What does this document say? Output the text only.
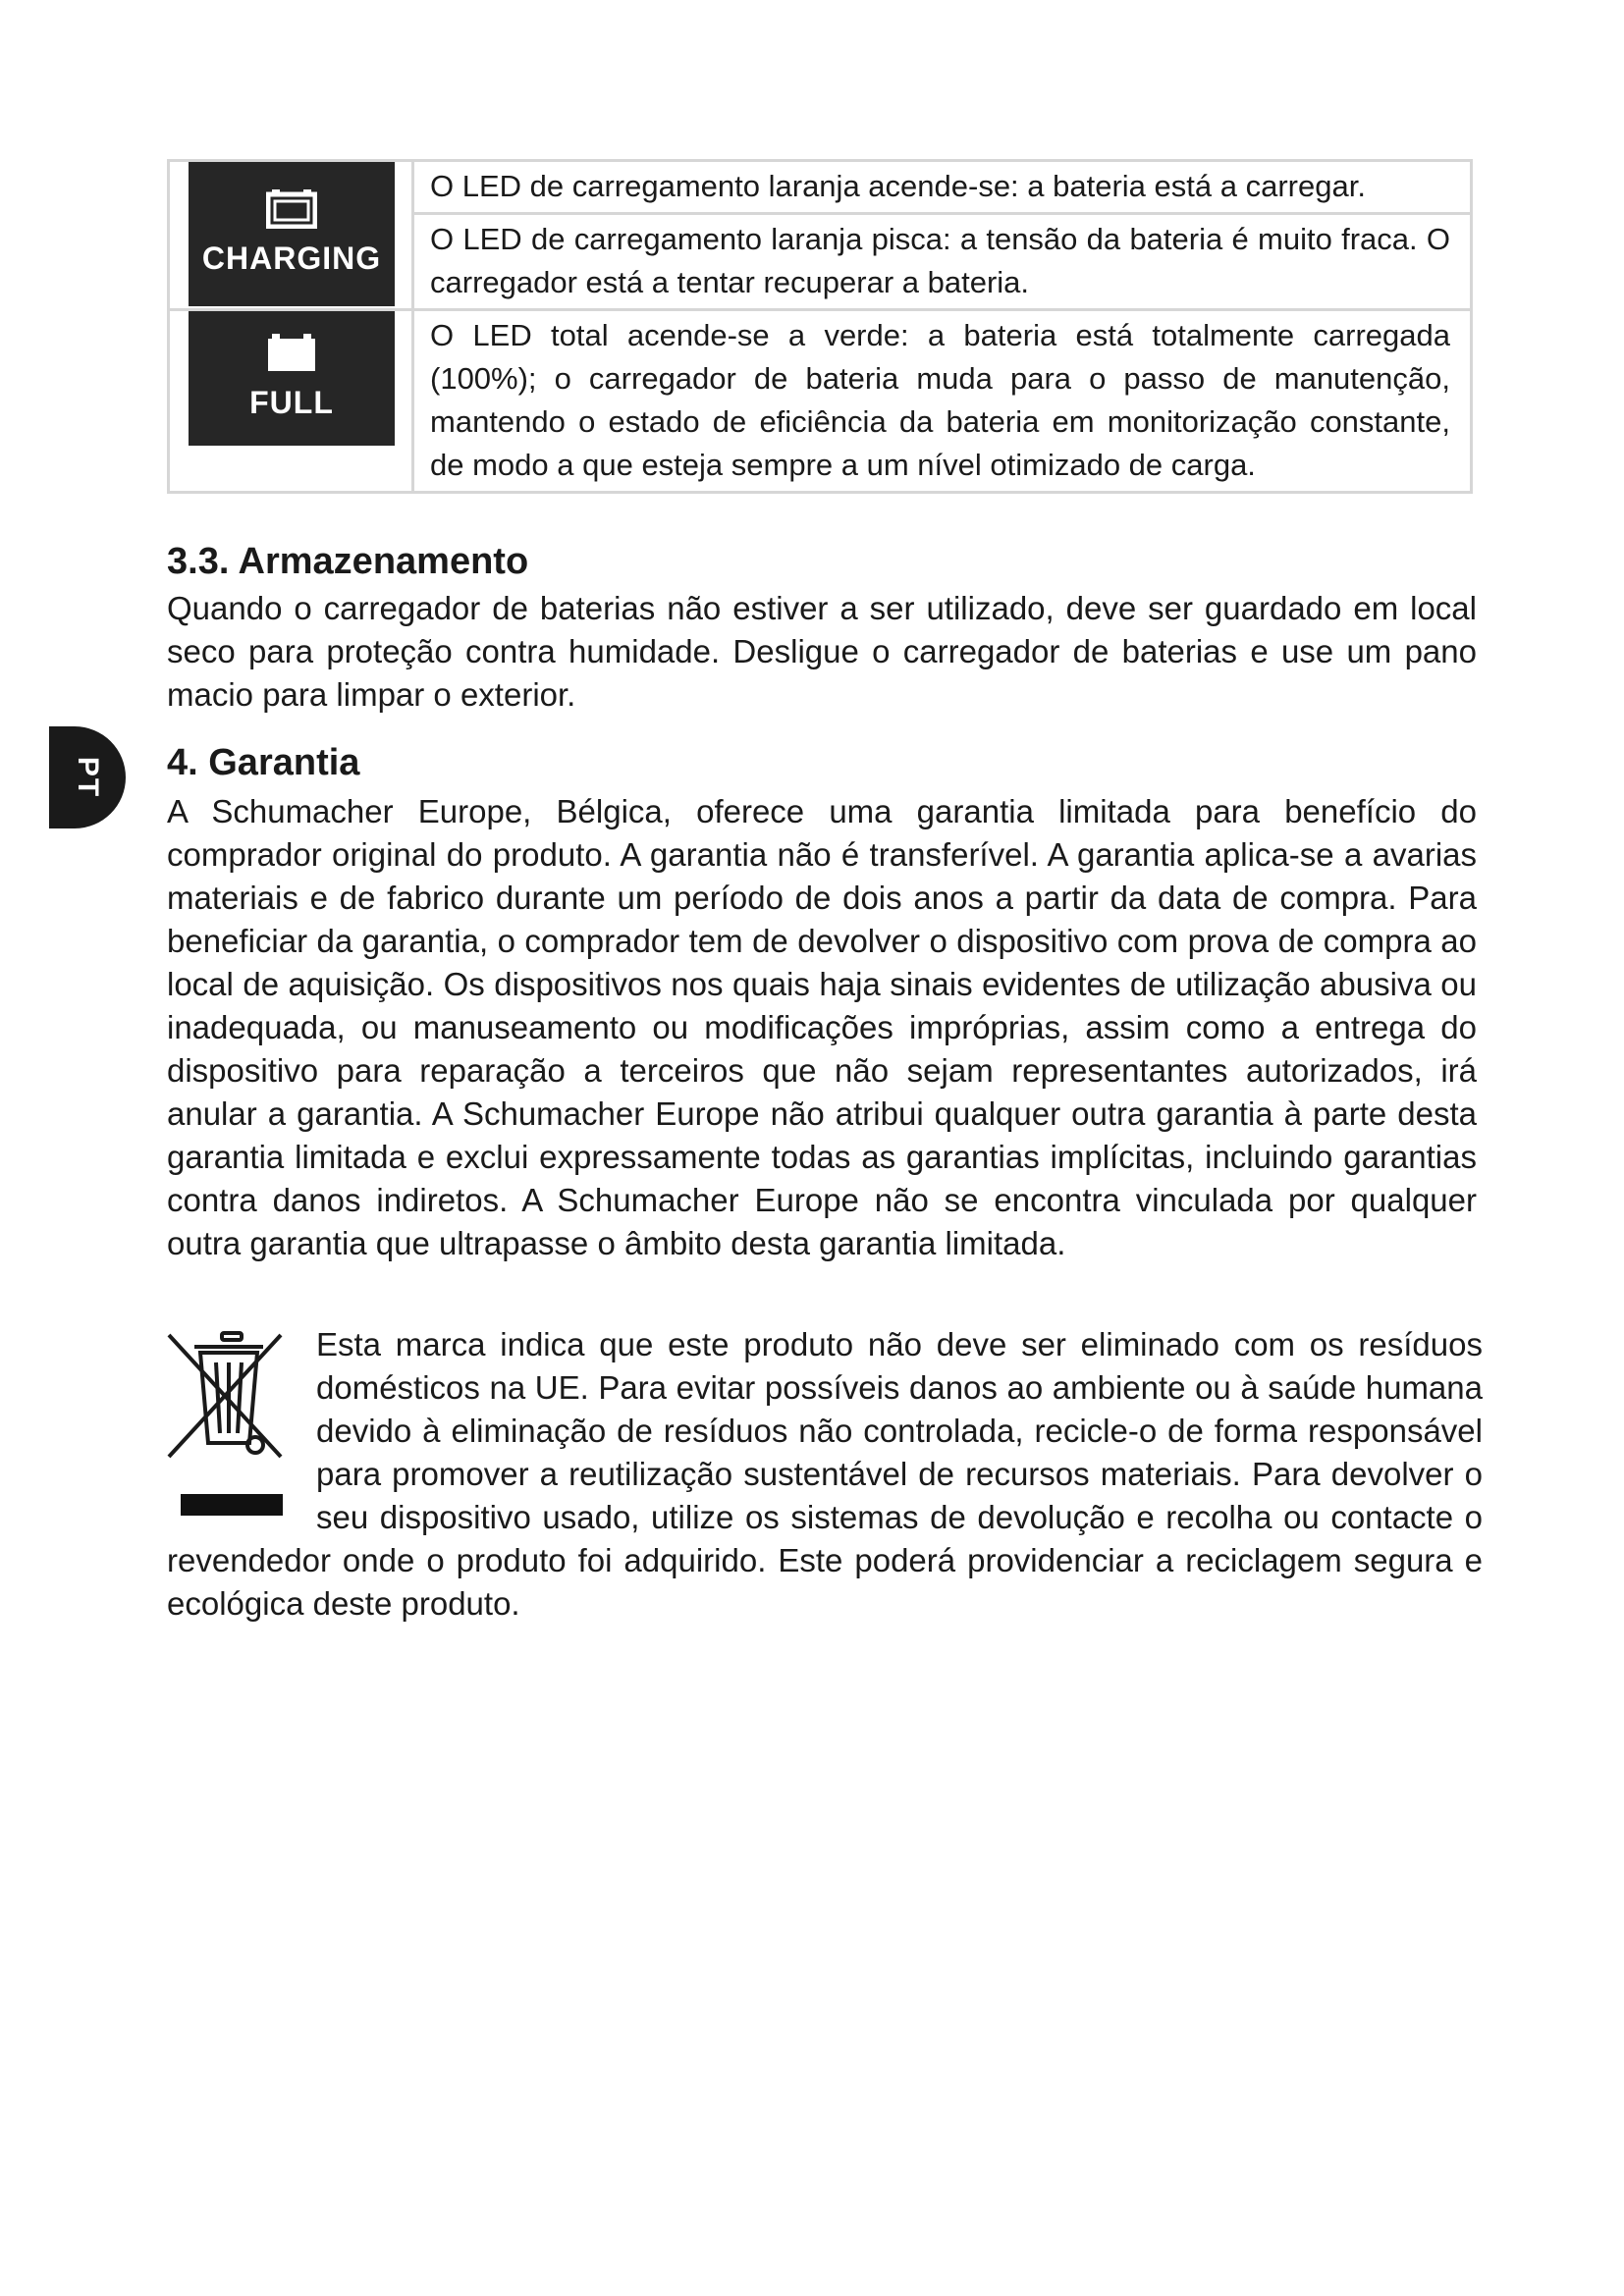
PT
CHARGING	O LED de carregamento laranja acende-se: a bateria está a carregar.
	O LED de carregamento laranja pisca: a tensão da bateria é muito fraca. O carregador está a tentar recuperar a bateria.

FULL	O LED total acende-se a verde: a bateria está totalmente carregada (100%); o carregador de bateria muda para o passo de manutenção, mantendo o estado de eficiência da bateria em monitorização constante, de modo a que esteja sempre a um nível otimizado de carga.
3.3. Armazenamento

Quando o carregador de baterias não estiver a ser utilizado, deve ser guardado em local seco para proteção contra humidade. Desligue o carregador de baterias e use um pano macio para limpar o exterior.

4. Garantia

A Schumacher Europe, Bélgica, oferece uma garantia limitada para benefício do comprador original do produto. A garantia não é transferível. A garantia aplica-se a avarias materiais e de fabrico durante um período de dois anos a partir da data de compra. Para beneficiar da garantia, o comprador tem de devolver o dispositivo com prova de compra ao local de aquisição. Os dispositivos nos quais haja sinais evidentes de utilização abusiva ou inadequada, ou manuseamento ou modificações impróprias, assim como a entrega do dispositivo para reparação a terceiros que não sejam representantes autorizados, irá anular a garantia. A Schumacher Europe não atribui qualquer outra garantia à parte desta garantia limitada e exclui expressamente todas as garantias implícitas, incluindo garantias contra danos indiretos. A Schumacher Europe não se encontra vinculada por qualquer outra garantia que ultrapasse o âmbito desta garantia limitada.

Esta marca indica que este produto não deve ser eliminado com os resíduos domésticos na UE. Para evitar possíveis danos ao ambiente ou à saúde humana devido à eliminação de resíduos não controlada, recicle-o de forma responsável para promover a reutilização sustentável de recursos materiais. Para devolver o seu dispositivo usado, utilize os sistemas de devolução e recolha ou contacte o revendedor onde o produto foi adquirido. Este poderá providenciar a reciclagem segura e ecológica deste produto.
